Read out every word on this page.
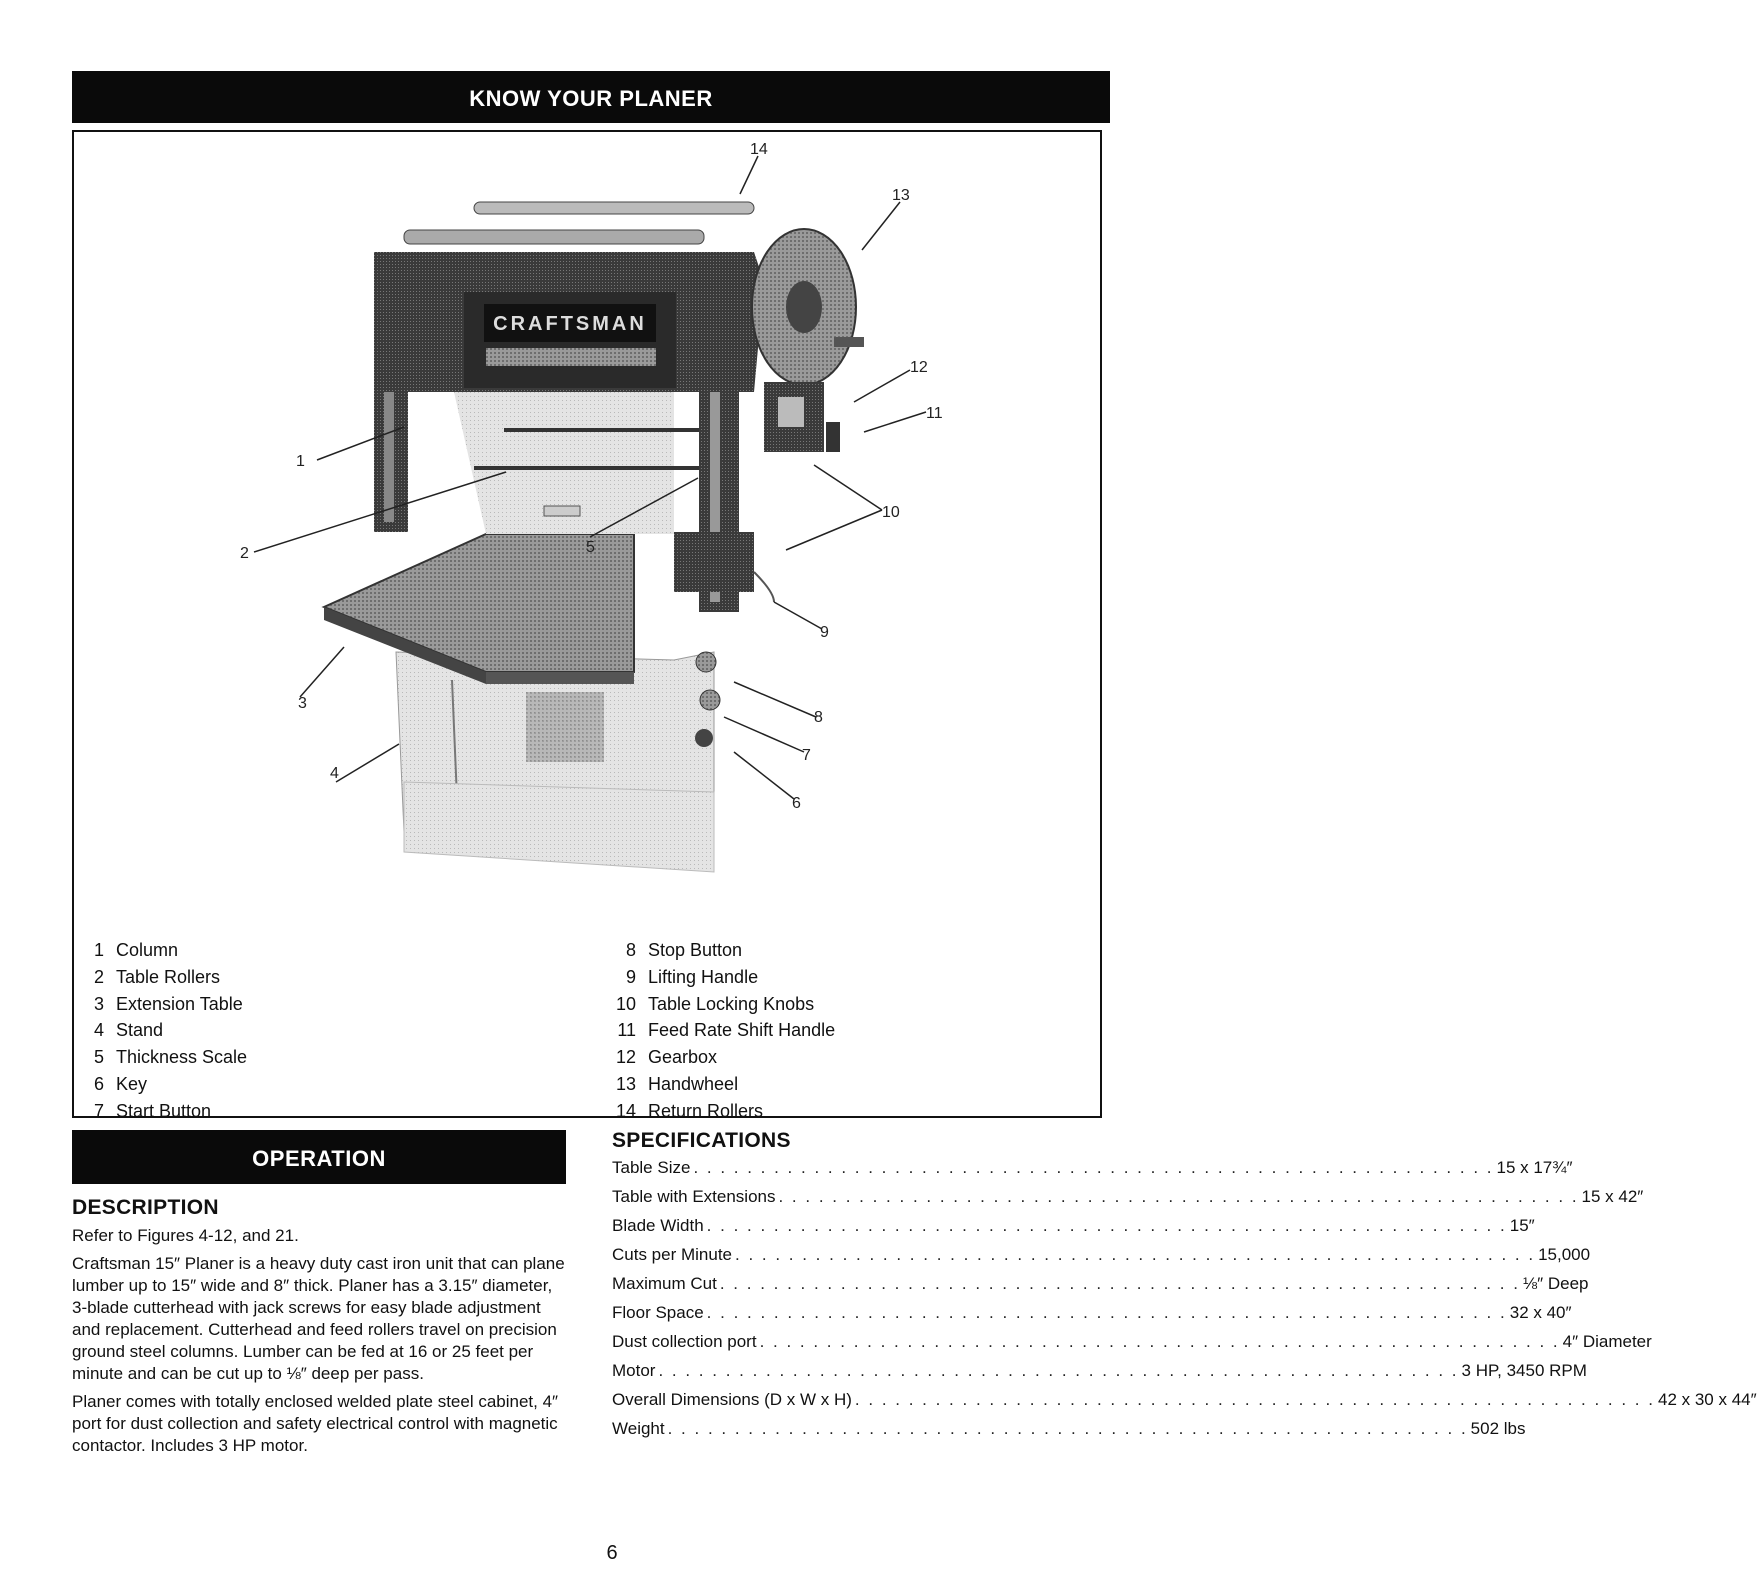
KNOW YOUR PLANER
CRAFTSMAN
1
2
3
4
5
6
7
8
9
10
11
12
13
14
1 Column
2 Table Rollers
3 Extension Table
4 Stand
5 Thickness Scale
6 Key
7 Start Button
8 Stop Button
9 Lifting Handle
10 Table Locking Knobs
11 Feed Rate Shift Handle
12 Gearbox
13 Handwheel
14 Return Rollers
OPERATION
DESCRIPTION

Refer to Figures 4-12, and 21.

Craftsman 15″ Planer is a heavy duty cast iron unit that can plane lumber up to 15″ wide and 8″ thick. Planer has a 3.15″ diameter, 3-blade cutterhead with jack screws for easy blade adjustment and replacement. Cutterhead and feed rollers travel on precision ground steel columns. Lumber can be fed at 16 or 25 feet per minute and can be cut up to ⅛″ deep per pass.

Planer comes with totally enclosed welded plate steel cabinet, 4″ port for dust collection and safety electrical control with magnetic contactor. Includes 3 HP motor.

SPECIFICATIONS
Table Size . . . . . . . . . . . . . . . . . . . . . . . . . . . . . . . . . . . . . . . . . . . . . . . . . . . . . . . . . . . . 15 x 17¾″
Table with Extensions . . . . . . . . . . . . . . . . . . . . . . . . . . . . . . . . . . . . . . . . . . . . . . . . . . . . . . . . . . . . 15 x 42″
Blade Width . . . . . . . . . . . . . . . . . . . . . . . . . . . . . . . . . . . . . . . . . . . . . . . . . . . . . . . . . . . . 15″
Cuts per Minute . . . . . . . . . . . . . . . . . . . . . . . . . . . . . . . . . . . . . . . . . . . . . . . . . . . . . . . . . . . . 15,000
Maximum Cut . . . . . . . . . . . . . . . . . . . . . . . . . . . . . . . . . . . . . . . . . . . . . . . . . . . . . . . . . . . . ⅛″ Deep
Floor Space . . . . . . . . . . . . . . . . . . . . . . . . . . . . . . . . . . . . . . . . . . . . . . . . . . . . . . . . . . . . 32 x 40″
Dust collection port . . . . . . . . . . . . . . . . . . . . . . . . . . . . . . . . . . . . . . . . . . . . . . . . . . . . . . . . . . . . 4″ Diameter
Motor . . . . . . . . . . . . . . . . . . . . . . . . . . . . . . . . . . . . . . . . . . . . . . . . . . . . . . . . . . . . 3 HP, 3450 RPM
Overall Dimensions (D x W x H) . . . . . . . . . . . . . . . . . . . . . . . . . . . . . . . . . . . . . . . . . . . . . . . . . . . . . . . . . . . . 42 x 30 x 44″
Weight . . . . . . . . . . . . . . . . . . . . . . . . . . . . . . . . . . . . . . . . . . . . . . . . . . . . . . . . . . . . 502 lbs
6
